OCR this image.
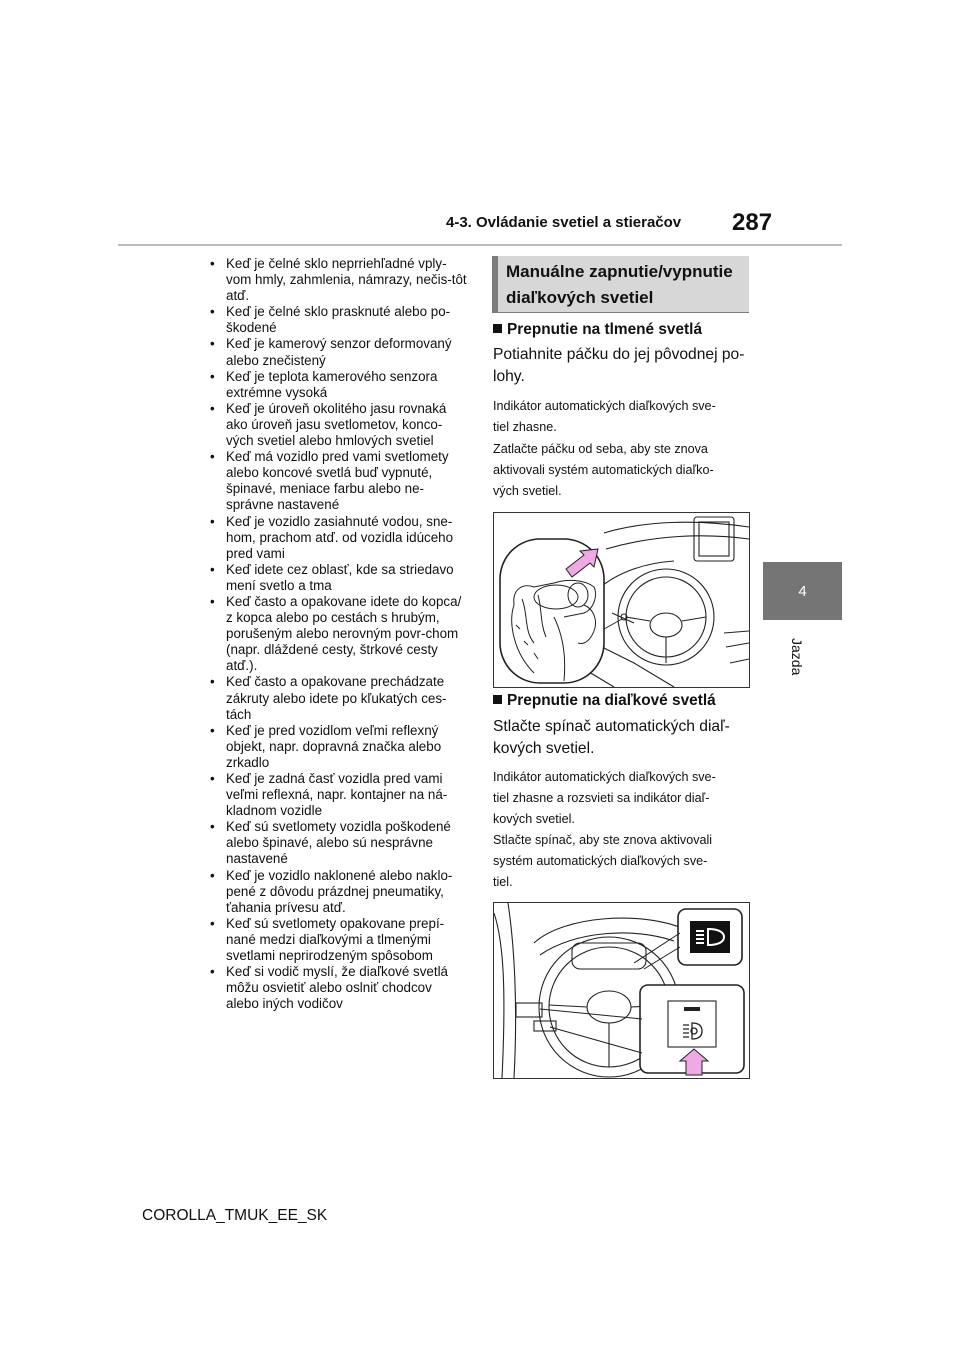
4-3. Ovládanie svetiel a stieračov 287
4
Jazda
• Keď je čelné sklo neprriehľadné vply-vom hmly, zahmlenia, námrazy, nečis-tôt atď.
• Keď je čelné sklo prasknuté alebo po-škodené
• Keď je kamerový senzor deformovaný alebo znečistený
• Keď je teplota kamerového senzora extrémne vysoká
• Keď je úroveň okolitého jasu rovnaká ako úroveň jasu svetlometov, konco-vých svetiel alebo hmlových svetiel
• Keď má vozidlo pred vami svetlomety alebo koncové svetlá buď vypnuté, špinavé, meniace farbu alebo ne-správne nastavené
• Keď je vozidlo zasiahnuté vodou, sne-hom, prachom atď. od vozidla idúceho pred vami
• Keď idete cez oblasť, kde sa striedavo mení svetlo a tma
• Keď často a opakovane idete do kopca/ z kopca alebo po cestách s hrubým, porušeným alebo nerovným povr-chom (napr. dláždené cesty, štrkové cesty atď.).
• Keď často a opakovane prechádzate zákruty alebo idete po kľukatých ces-tách
• Keď je pred vozidlom veľmi reflexný objekt, napr. dopravná značka alebo zrkadlo
• Keď je zadná časť vozidla pred vami veľmi reflexná, napr. kontajner na ná-kladnom vozidle
• Keď sú svetlomety vozidla poškodené alebo špinavé, alebo sú nesprávne nastavené
• Keď je vozidlo naklonené alebo naklo-pené z dôvodu prázdnej pneumatiky, ťahania prívesu atď.
• Keď sú svetlomety opakovane prepí-nané medzi diaľkovými a tlmenými svetlami neprirodzeným spôsobom
• Keď si vodič myslí, že diaľkové svetlá môžu osvietiť alebo oslniť chodcov alebo iných vodičov
Manuálne zapnutie/vypnutie
diaľkových svetiel
Prepnutie na tlmené svetlá
Potiahnite páčku do jej pôvodnej po-
lohy.
Indikátor automatických diaľkových sve-
tiel zhasne.
Zatlačte páčku od seba, aby ste znova
aktivovali systém automatických diaľko-
vých svetiel.
Prepnutie na diaľkové svetlá
Stlačte spínač automatických diaľ-
kových svetiel.
Indikátor automatických diaľkových sve-
tiel zhasne a rozsvieti sa indikátor diaľ-
kových svetiel.
Stlačte spínač, aby ste znova aktivovali
systém automatických diaľkových sve-
tiel.
COROLLA_TMUK_EE_SK
